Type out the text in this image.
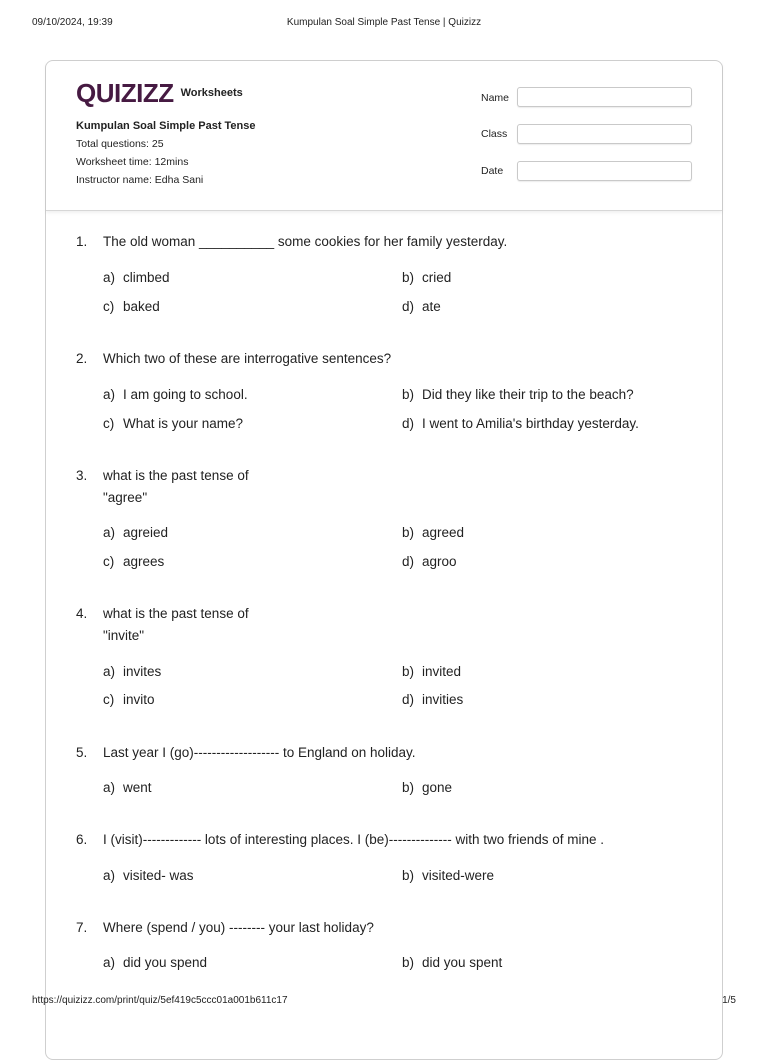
09/10/2024, 19:39	Kumpulan Soal Simple Past Tense | Quizizz
QUIZIZZ Worksheets
Kumpulan Soal Simple Past Tense
Total questions : 25
Worksheet time : 12mins
Instructor name : Edha Sani
Name
Class
Date
1.	The old woman __________ some cookies for her family yesterday.
a) climbed	b) cried
c) baked	d) ate
2.	Which two of these are interrogative sentences?
a) I am going to school.	b) Did they like their trip to the beach?
c) What is your name?	d) I went to Amilia's birthday yesterday.
3.	what is the past tense of
"agree"
a) agreied	b) agreed
c) agrees	d) agroo
4.	what is the past tense of
"invite"
a) invites	b) invited
c) invito	d) invities
5.	Last year I (go)------------------- to England on holiday.
a) went	b) gone
6.	I (visit)------------- lots of interesting places. I (be)-------------- with two friends of mine .
a) visited- was	b) visited-were
7.	Where (spend / you) -------- your last holiday?
a) did you spend	b) did you spent
https://quizizz.com/print/quiz/5ef419c5ccc01a001b611c17	1/5
